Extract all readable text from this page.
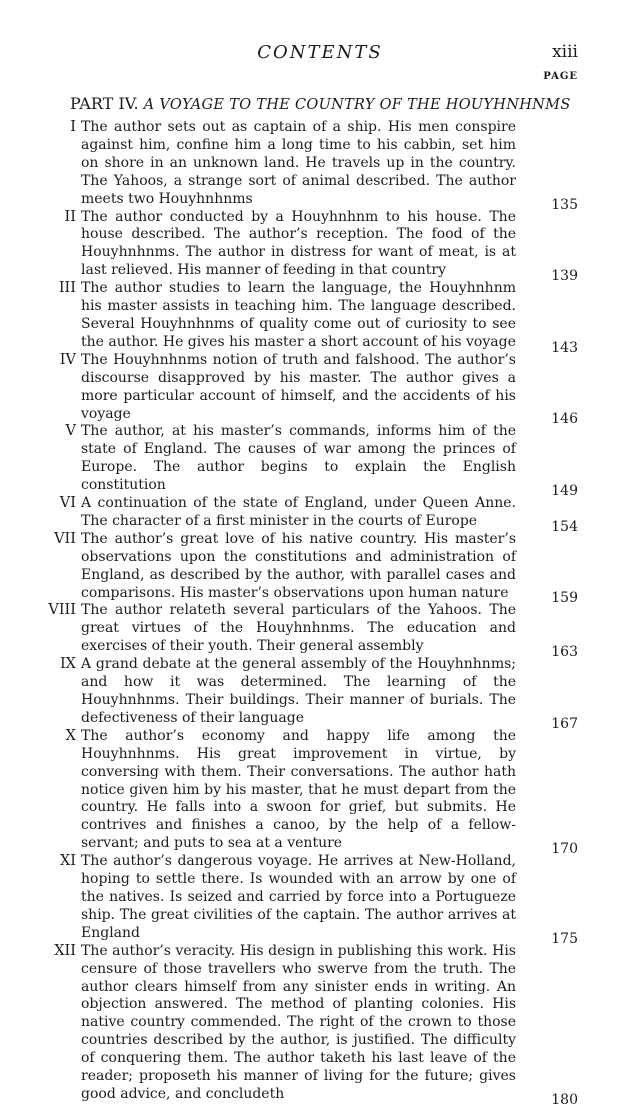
CONTENTS	xiii
PAGE
PART IV. A VOYAGE TO THE COUNTRY OF THE HOUYHNHNMS
I The author sets out as captain of a ship. His men conspire against him, confine him a long time to his cabbin, set him on shore in an unknown land. He travels up in the country. The Yahoos, a strange sort of animal described. The author meets two Houyhnhnms	135
II The author conducted by a Houyhnhnm to his house. The house described. The author’s reception. The food of the Houyhnhnms. The author in distress for want of meat, is at last relieved. His manner of feeding in that country	139
III The author studies to learn the language, the Houyhnhnm his master assists in teaching him. The language described. Several Houyhnhnms of quality come out of curiosity to see the author. He gives his master a short account of his voyage	143
IV The Houyhnhnms notion of truth and falshood. The author’s discourse disapproved by his master. The author gives a more particular account of himself, and the accidents of his voyage	146
V The author, at his master’s commands, informs him of the state of England. The causes of war among the princes of Europe. The author begins to explain the English constitution	149
VI A continuation of the state of England, under Queen Anne. The character of a first minister in the courts of Europe	154
VII The author’s great love of his native country. His master’s observations upon the constitutions and administration of England, as described by the author, with parallel cases and comparisons. His master’s observations upon human nature	159
VIII The author relateth several particulars of the Yahoos. The great virtues of the Houyhnhnms. The education and exercises of their youth. Their general assembly	163
IX A grand debate at the general assembly of the Houyhnhnms; and how it was determined. The learning of the Houyhnhnms. Their buildings. Their manner of burials. The defectiveness of their language	167
X The author’s economy and happy life among the Houyhnhnms. His great improvement in virtue, by conversing with them. Their conversations. The author hath notice given him by his master, that he must depart from the country. He falls into a swoon for grief, but submits. He contrives and finishes a canoo, by the help of a fellow-servant; and puts to sea at a venture	170
XI The author’s dangerous voyage. He arrives at New-Holland, hoping to settle there. Is wounded with an arrow by one of the natives. Is seized and carried by force into a Portugueze ship. The great civilities of the captain. The author arrives at England	175
XII The author’s veracity. His design in publishing this work. His censure of those travellers who swerve from the truth. The author clears himself from any sinister ends in writing. An objection answered. The method of planting colonies. His native country commended. The right of the crown to those countries described by the author, is justified. The difficulty of conquering them. The author taketh his last leave of the reader; proposeth his manner of living for the future; gives good advice, and concludeth	180
